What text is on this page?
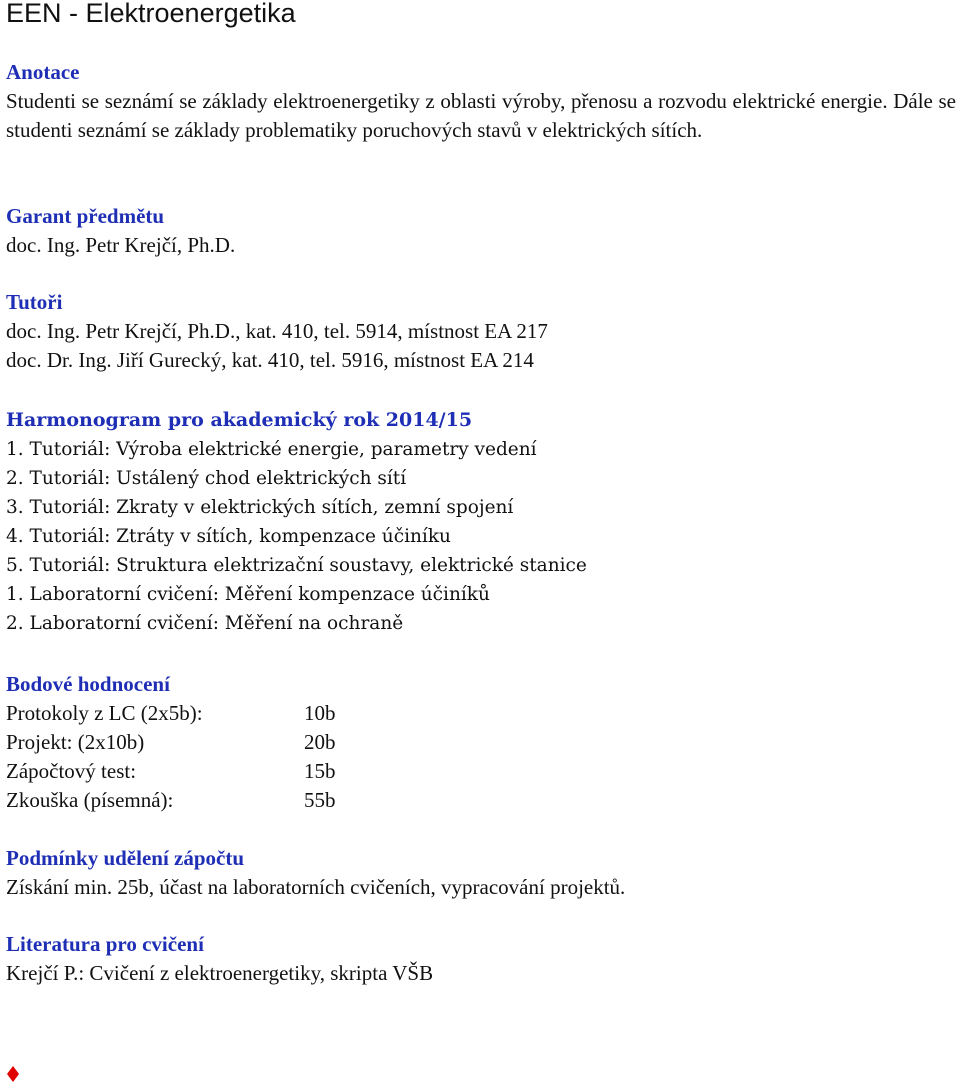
EEN - Elektroenergetika
Anotace

Studenti se seznámí se základy elektroenergetiky z oblasti výroby, přenosu a rozvodu elektrické energie. Dále se studenti seznámí se základy problematiky poruchových stavů v elektrických sítích.

Garant předmětu

doc. Ing. Petr Krejčí, Ph.D.

Tutoři

doc. Ing. Petr Krejčí, Ph.D., kat. 410, tel. 5914, místnost EA 217

doc. Dr. Ing. Jiří Gurecký, kat. 410, tel. 5916, místnost EA 214

Harmonogram pro akademický rok 2014/15

1. Tutoriál: Výroba elektrické energie, parametry vedení

2. Tutoriál: Ustálený chod elektrických sítí

3. Tutoriál: Zkraty v elektrických sítích, zemní spojení

4. Tutoriál: Ztráty v sítích, kompenzace účiníku

5. Tutoriál: Struktura elektrizační soustavy, elektrické stanice

1. Laboratorní cvičení: Měření kompenzace účiníků

2. Laboratorní cvičení: Měření na ochraně

Bodové hodnocení
Protokoly z LC (2x5b):	10b
Projekt: (2x10b)	20b
Zápočtový test:	15b
Zkouška (písemná):	55b
Podmínky udělení zápočtu

Získání min. 25b, účast na laboratorních cvičeních, vypracování projektů.

Literatura pro cvičení

Krejčí P.: Cvičení z elektroenergetiky, skripta VŠB
